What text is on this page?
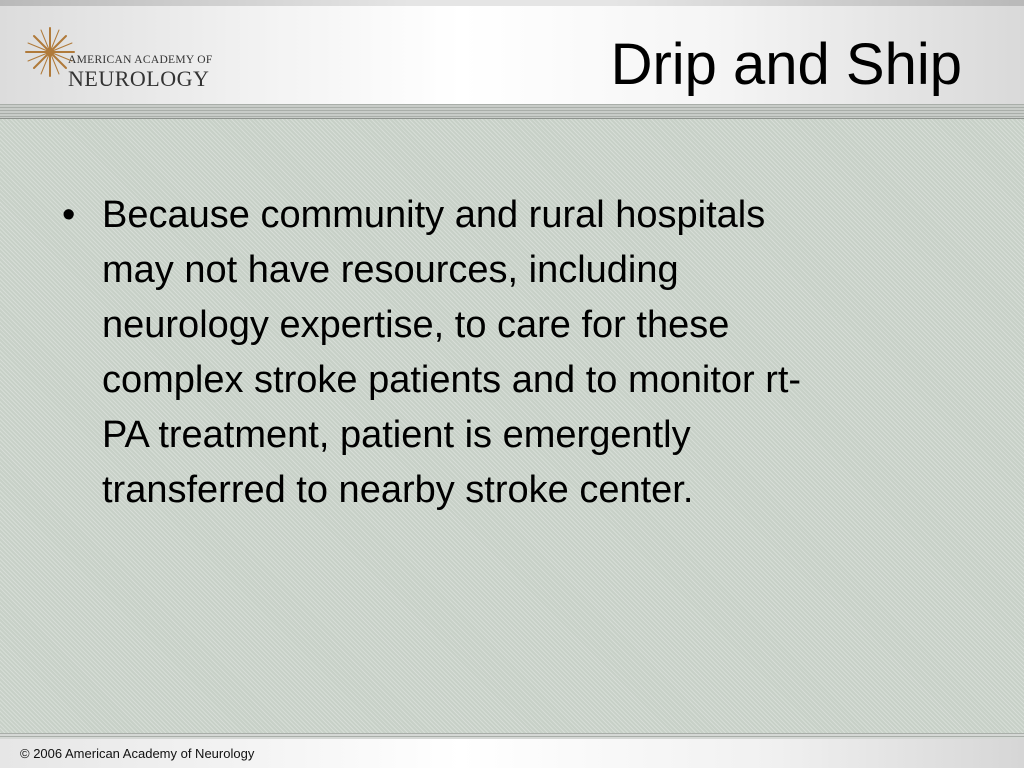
AMERICAN ACADEMY OF
NEUROLOGY	Drip and Ship
• Because community and rural hospitals
may not have resources, including
neurology expertise, to care for these
complex stroke patients and to monitor rt-
PA treatment, patient is emergently
transferred to nearby stroke center.
© 2006 American Academy of Neurology
